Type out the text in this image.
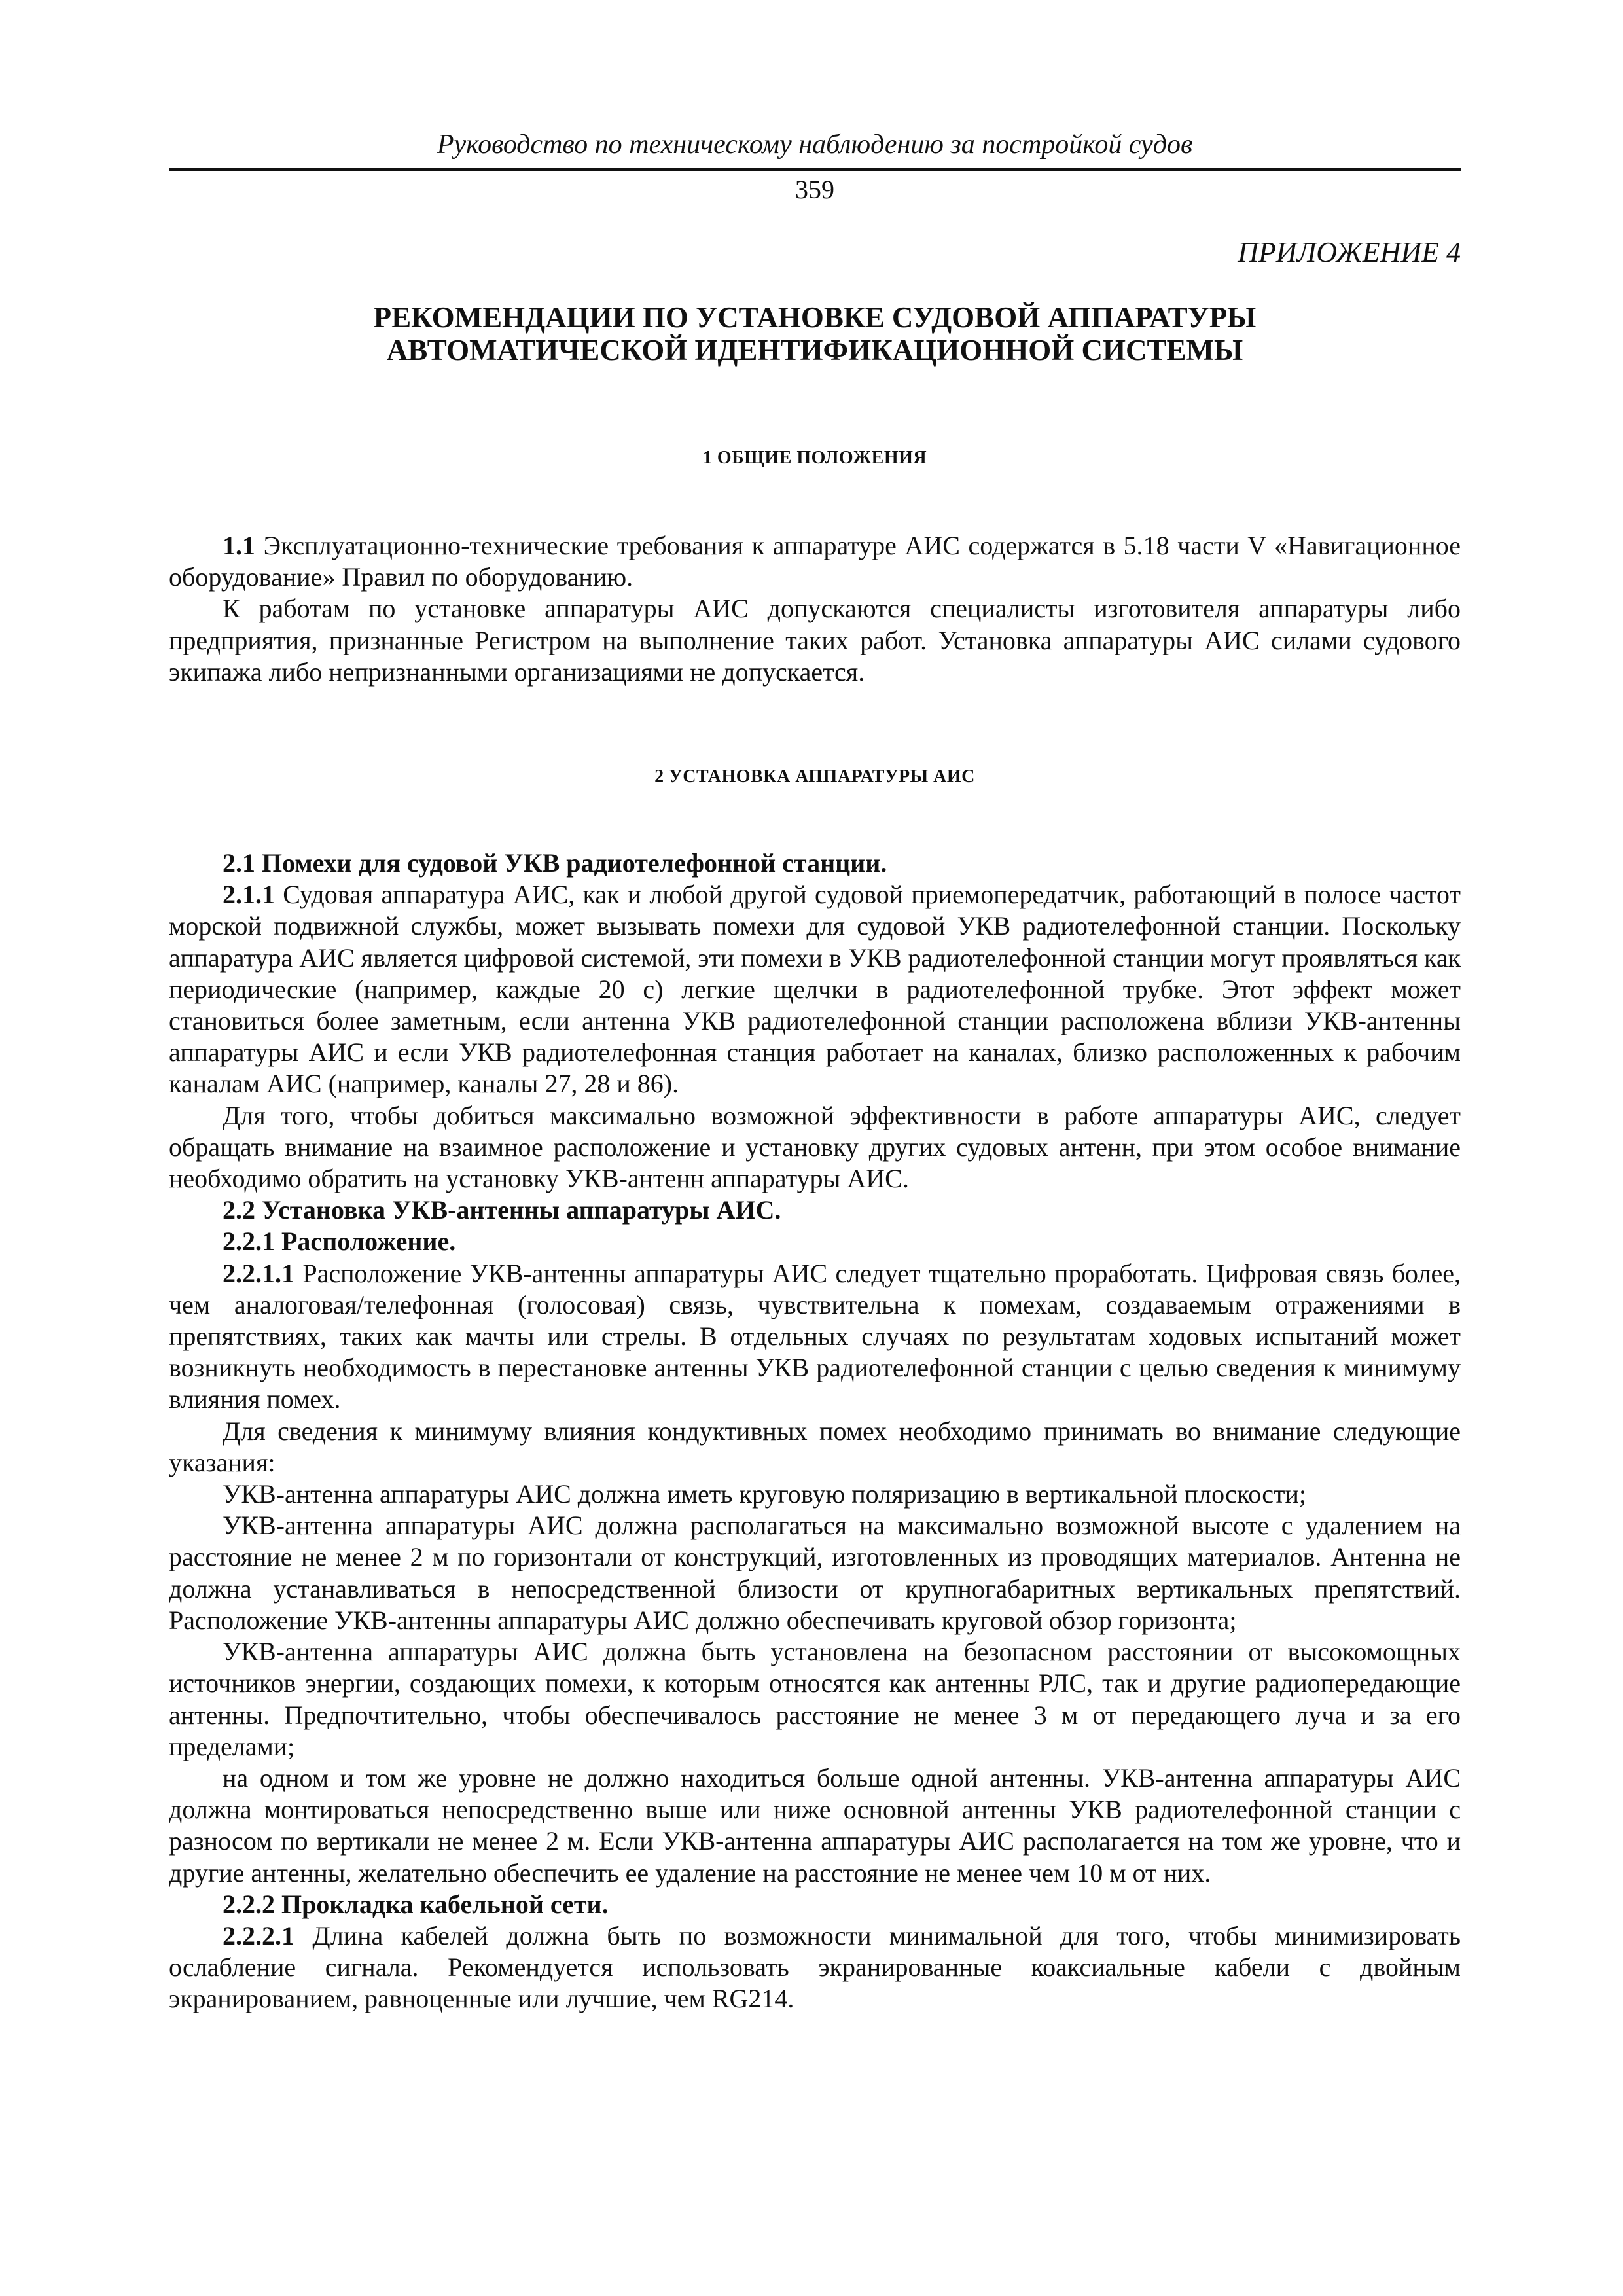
Руководство по техническому наблюдению за постройкой судов
359
ПРИЛОЖЕНИЕ 4
РЕКОМЕНДАЦИИ ПО УСТАНОВКЕ СУДОВОЙ АППАРАТУРЫ
АВТОМАТИЧЕСКОЙ ИДЕНТИФИКАЦИОННОЙ СИСТЕМЫ
1 ОБЩИЕ ПОЛОЖЕНИЯ

1.1 Эксплуатационно-технические требования к аппаратуре АИС содержатся в 5.18 части V «Навигационное оборудование» Правил по оборудованию.

К работам по установке аппаратуры АИС допускаются специалисты изготовителя аппаратуры либо предприятия, признанные Регистром на выполнение таких работ. Установка аппаратуры АИС силами судового экипажа либо непризнанными организациями не допускается.

2 УСТАНОВКА АППАРАТУРЫ АИС

2.1 Помехи для судовой УКВ радиотелефонной станции.

2.1.1 Судовая аппаратура АИС, как и любой другой судовой приемопередатчик, работающий в полосе частот морской подвижной службы, может вызывать помехи для судовой УКВ радиотелефонной станции. Поскольку аппаратура АИС является цифровой системой, эти помехи в УКВ радиотелефонной станции могут проявляться как периодические (например, каждые 20 с) легкие щелчки в радиотелефонной трубке. Этот эффект может становиться более заметным, если антенна УКВ радиотелефонной станции расположена вблизи УКВ-антенны аппаратуры АИС и если УКВ радиотелефонная станция работает на каналах, близко расположенных к рабочим каналам АИС (например, каналы 27, 28 и 86).

Для того, чтобы добиться максимально возможной эффективности в работе аппаратуры АИС, следует обращать внимание на взаимное расположение и установку других судовых антенн, при этом особое внимание необходимо обратить на установку УКВ-антенн аппаратуры АИС.

2.2 Установка УКВ-антенны аппаратуры АИС.

2.2.1 Расположение.

2.2.1.1 Расположение УКВ-антенны аппаратуры АИС следует тщательно проработать. Цифровая связь более, чем аналоговая/телефонная (голосовая) связь, чувствительна к помехам, создаваемым отражениями в препятствиях, таких как мачты или стрелы. В отдельных случаях по результатам ходовых испытаний может возникнуть необходимость в перестановке антенны УКВ радиотелефонной станции с целью сведения к минимуму влияния помех.

Для сведения к минимуму влияния кондуктивных помех необходимо принимать во внимание следующие указания:

УКВ-антенна аппаратуры АИС должна иметь круговую поляризацию в вертикальной плоскости;

УКВ-антенна аппаратуры АИС должна располагаться на максимально возможной высоте с удалением на расстояние не менее 2 м по горизонтали от конструкций, изготовленных из проводящих материалов. Антенна не должна устанавливаться в непосредственной близости от крупногабаритных вертикальных препятствий. Расположение УКВ-антенны аппаратуры АИС должно обеспечивать круговой обзор горизонта;

УКВ-антенна аппаратуры АИС должна быть установлена на безопасном расстоянии от высокомощных источников энергии, создающих помехи, к которым относятся как антенны РЛС, так и другие радиопередающие антенны. Предпочтительно, чтобы обеспечивалось расстояние не менее 3 м от передающего луча и за его пределами;

на одном и том же уровне не должно находиться больше одной антенны. УКВ-антенна аппаратуры АИС должна монтироваться непосредственно выше или ниже основной антенны УКВ радиотелефонной станции с разносом по вертикали не менее 2 м. Если УКВ-антенна аппаратуры АИС располагается на том же уровне, что и другие антенны, желательно обеспечить ее удаление на расстояние не менее чем 10 м от них.

2.2.2 Прокладка кабельной сети.

2.2.2.1 Длина кабелей должна быть по возможности минимальной для того, чтобы минимизировать ослабление сигнала. Рекомендуется использовать экранированные коаксиальные кабели с двойным экранированием, равноценные или лучшие, чем RG214.
